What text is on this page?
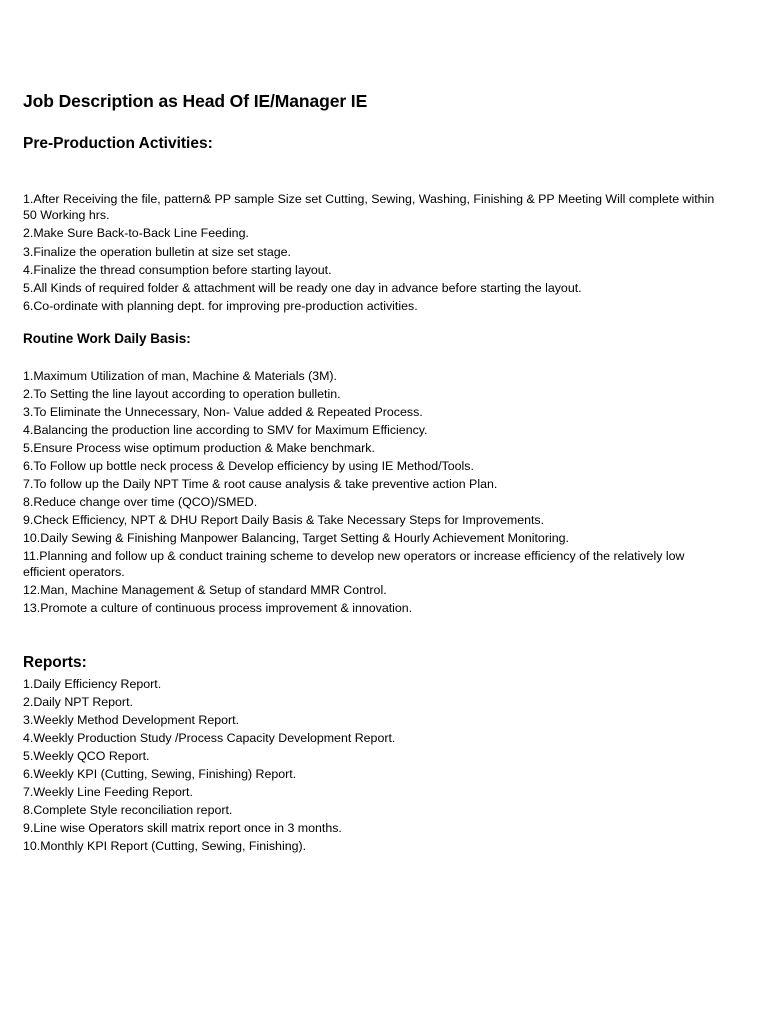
Job Description as Head Of IE/Manager IE
Pre-Production Activities:
1.After Receiving the file, pattern& PP sample Size set Cutting, Sewing, Washing, Finishing & PP Meeting Will complete within 50 Working hrs.
2.Make Sure Back-to-Back Line Feeding.
3.Finalize the operation bulletin at size set stage.
4.Finalize the thread consumption before starting layout.
5.All Kinds of required folder & attachment will be ready one day in advance before starting the layout.
6.Co-ordinate with planning dept. for improving pre-production activities.
Routine Work Daily Basis:
1.Maximum Utilization of man, Machine & Materials (3M).
2.To Setting the line layout according to operation bulletin.
3.To Eliminate the Unnecessary, Non- Value added & Repeated Process.
4.Balancing the production line according to SMV for Maximum Efficiency.
5.Ensure Process wise optimum production & Make benchmark.
6.To Follow up bottle neck process & Develop efficiency by using IE Method/Tools.
7.To follow up the Daily NPT Time & root cause analysis & take preventive action Plan.
8.Reduce change over time (QCO)/SMED.
9.Check Efficiency, NPT & DHU Report Daily Basis & Take Necessary Steps for Improvements.
10.Daily Sewing & Finishing Manpower Balancing, Target Setting & Hourly Achievement Monitoring.
11.Planning and follow up & conduct training scheme to develop new operators or increase efficiency of the relatively low efficient operators.
12.Man, Machine Management & Setup of standard MMR Control.
13.Promote a culture of continuous process improvement & innovation.
Reports:
1.Daily Efficiency Report.
2.Daily NPT Report.
3.Weekly Method Development Report.
4.Weekly Production Study /Process Capacity Development Report.
5.Weekly QCO Report.
6.Weekly KPI (Cutting, Sewing, Finishing) Report.
7.Weekly Line Feeding Report.
8.Complete Style reconciliation report.
9.Line wise Operators skill matrix report once in 3 months.
10.Monthly KPI Report (Cutting, Sewing, Finishing).
